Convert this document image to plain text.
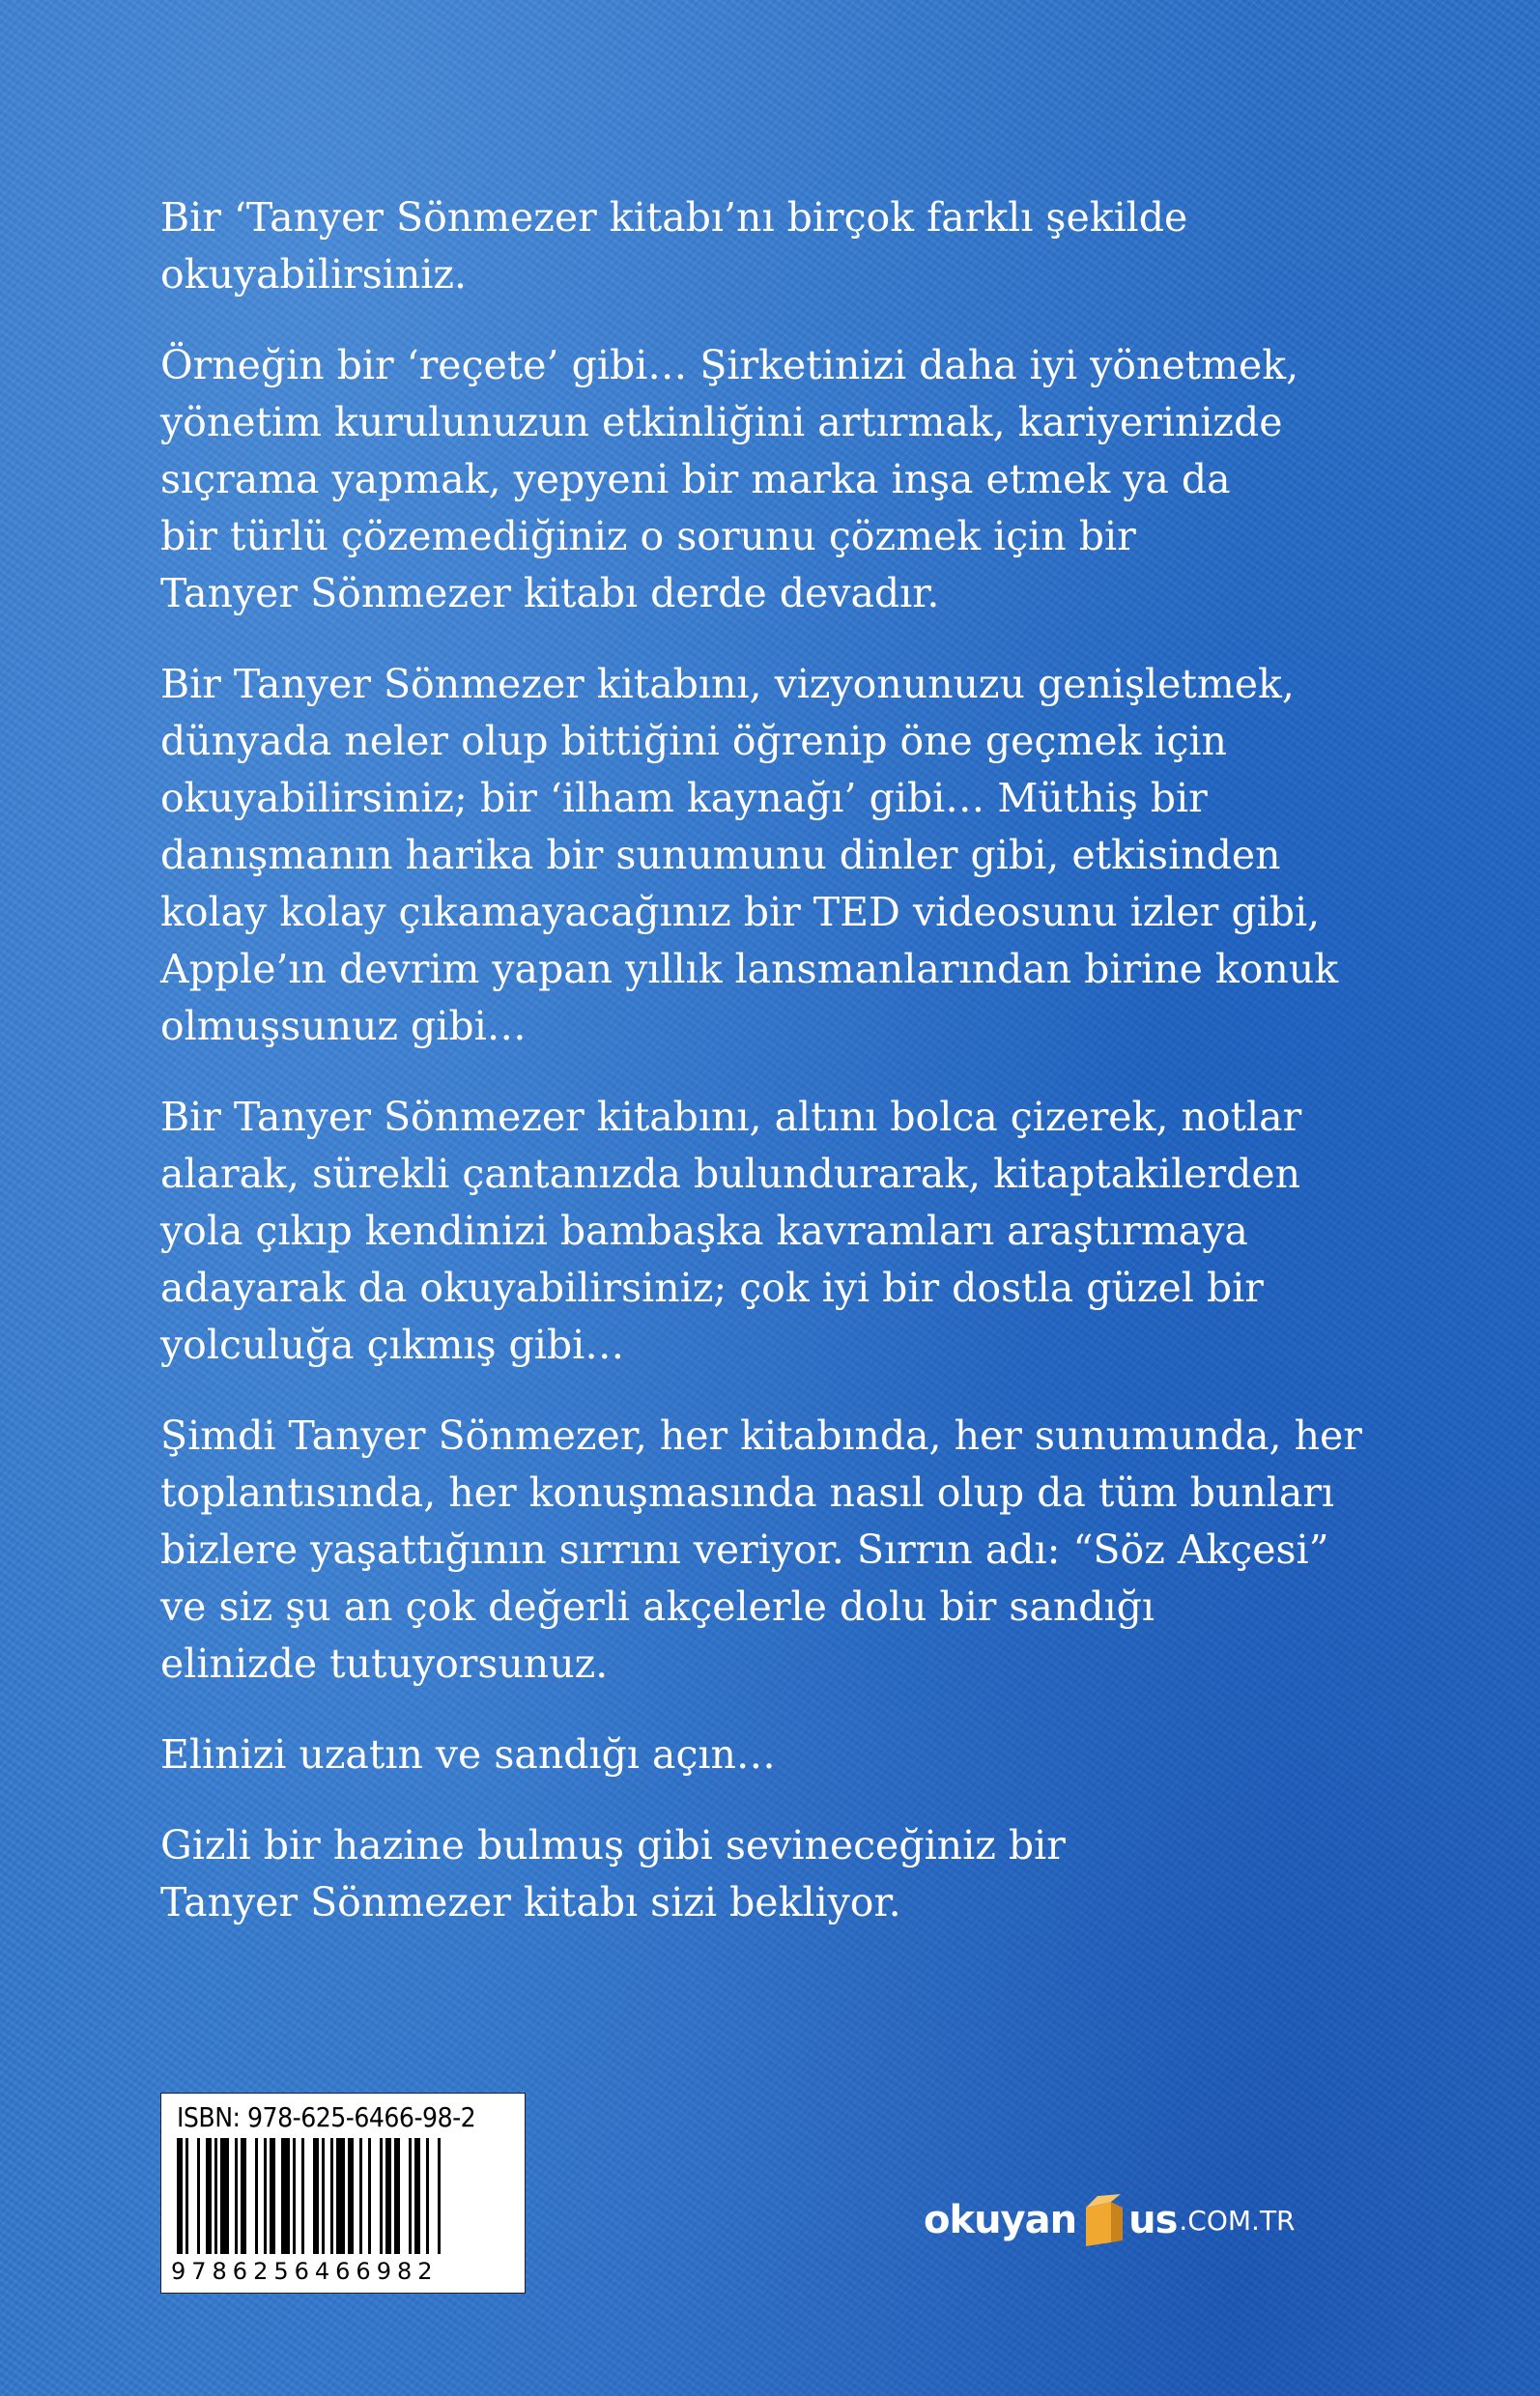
Bir ‘Tanyer Sönmezer kitabı’nı birçok farklı şekilde
okuyabilirsiniz.

Örneğin bir ‘reçete’ gibi… Şirketinizi daha iyi yönetmek,
yönetim kurulunuzun etkinliğini artırmak, kariyerinizde
sıçrama yapmak, yepyeni bir marka inşa etmek ya da
bir türlü çözemediğiniz o sorunu çözmek için bir
Tanyer Sönmezer kitabı derde devadır.

Bir Tanyer Sönmezer kitabını, vizyonunuzu genişletmek,
dünyada neler olup bittiğini öğrenip öne geçmek için
okuyabilirsiniz; bir ‘ilham kaynağı’ gibi… Müthiş bir
danışmanın harika bir sunumunu dinler gibi, etkisinden
kolay kolay çıkamayacağınız bir TED videosunu izler gibi,
Apple’ın devrim yapan yıllık lansmanlarından birine konuk
olmuşsunuz gibi…

Bir Tanyer Sönmezer kitabını, altını bolca çizerek, notlar
alarak, sürekli çantanızda bulundurarak, kitaptakilerden
yola çıkıp kendinizi bambaşka kavramları araştırmaya
adayarak da okuyabilirsiniz; çok iyi bir dostla güzel bir
yolculuğa çıkmış gibi…

Şimdi Tanyer Sönmezer, her kitabında, her sunumunda, her
toplantısında, her konuşmasında nasıl olup da tüm bunları
bizlere yaşattığının sırrını veriyor. Sırrın adı: “Söz Akçesi”
ve siz şu an çok değerli akçelerle dolu bir sandığı
elinizde tutuyorsunuz.

Elinizi uzatın ve sandığı açın…

Gizli bir hazine bulmuş gibi sevineceğiniz bir
Tanyer Sönmezer kitabı sizi bekliyor.

ISBN: 978-625-6466-98-2
9786256466982
okuyan us .COM.TR
